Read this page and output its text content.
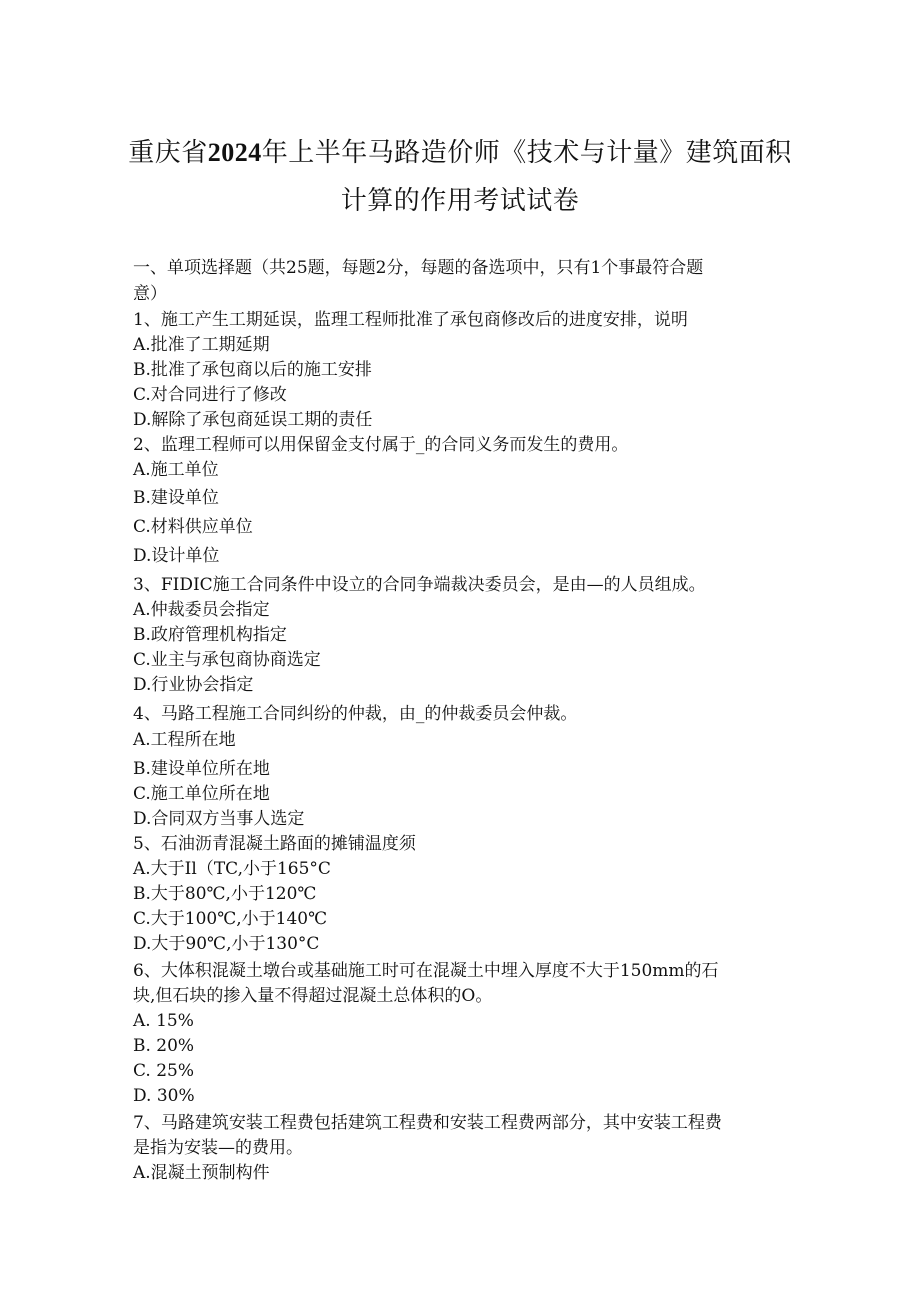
重庆省2024年上半年马路造价师《技术与计量》建筑面积
计算的作用考试试卷
一、单项选择题（共25题，每题2分，每题的备选项中，只有1个事最符合题
意）
1、施工产生工期延误，监理工程师批准了承包商修改后的进度安排，说明
A.批准了工期延期
B.批准了承包商以后的施工安排
C.对合同进行了修改
D.解除了承包商延误工期的责任
2、监理工程师可以用保留金支付属于_的合同义务而发生的费用。
A.施工单位
B.建设单位
C.材料供应单位
D.设计单位
3、FIDIC施工合同条件中设立的合同争端裁决委员会，是由—的人员组成。
A.仲裁委员会指定
B.政府管理机构指定
C.业主与承包商协商选定
D.行业协会指定
4、马路工程施工合同纠纷的仲裁，由_的仲裁委员会仲裁。
A.工程所在地
B.建设单位所在地
C.施工单位所在地
D.合同双方当事人选定
5、石油沥青混凝土路面的摊铺温度须
A.大于Il（TC,小于165°C
B.大于80℃,小于120℃
C.大于100℃,小于140℃
D.大于90℃,小于130°C
6、大体积混凝土墩台或基础施工时可在混凝土中埋入厚度不大于150mm的石
块,但石块的掺入量不得超过混凝土总体积的O。
A. 15%
B. 20%
C. 25%
D. 30%
7、马路建筑安装工程费包括建筑工程费和安装工程费两部分，其中安装工程费
是指为安装—的费用。
A.混凝土预制构件
